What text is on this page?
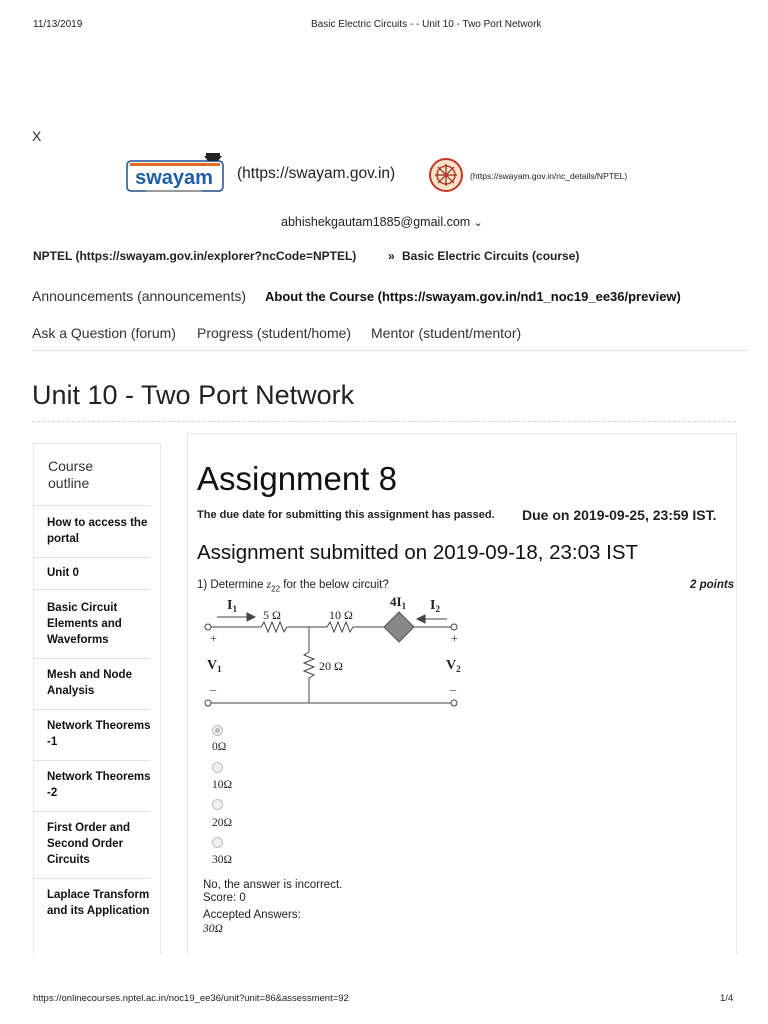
11/13/2019	Basic Electric Circuits - - Unit 10 - Two Port Network
X
swayam (https://swayam.gov.in)	(https://swayam.gov.in/nc_details/NPTEL)
abhishekgautam1885@gmail.com ⌄
NPTEL (https://swayam.gov.in/explorer?ncCode=NPTEL)	» Basic Electric Circuits (course)
Announcements (announcements) About the Course (https://swayam.gov.in/nd1_noc19_ee36/preview)
Ask a Question (forum) Progress (student/home) Mentor (student/mentor)
Unit 10 - Two Port Network
Course outline
How to access the portal
Unit 0
Basic Circuit Elements and Waveforms
Mesh and Node Analysis
Network Theorems -1
Network Theorems -2
First Order and Second Order Circuits
Laplace Transform and its Application
Assignment 8
The due date for submitting this assignment has passed. Due on 2019-09-25, 23:59 IST.
Assignment submitted on 2019-09-18, 23:03 IST
1) Determine $z_{22}$ for the below circuit?	2 points
$I_1$	$4I_1$ $I_2$
$V_1$	$V_2$
5 Ω	10 Ω
20 Ω
+	+
–	–
0Ω
10Ω
20Ω
30Ω
No, the answer is incorrect.
Score: 0
Accepted Answers:
30Ω
https://onlinecourses.nptel.ac.in/noc19_ee36/unit?unit=86&assessment=92	1/4
